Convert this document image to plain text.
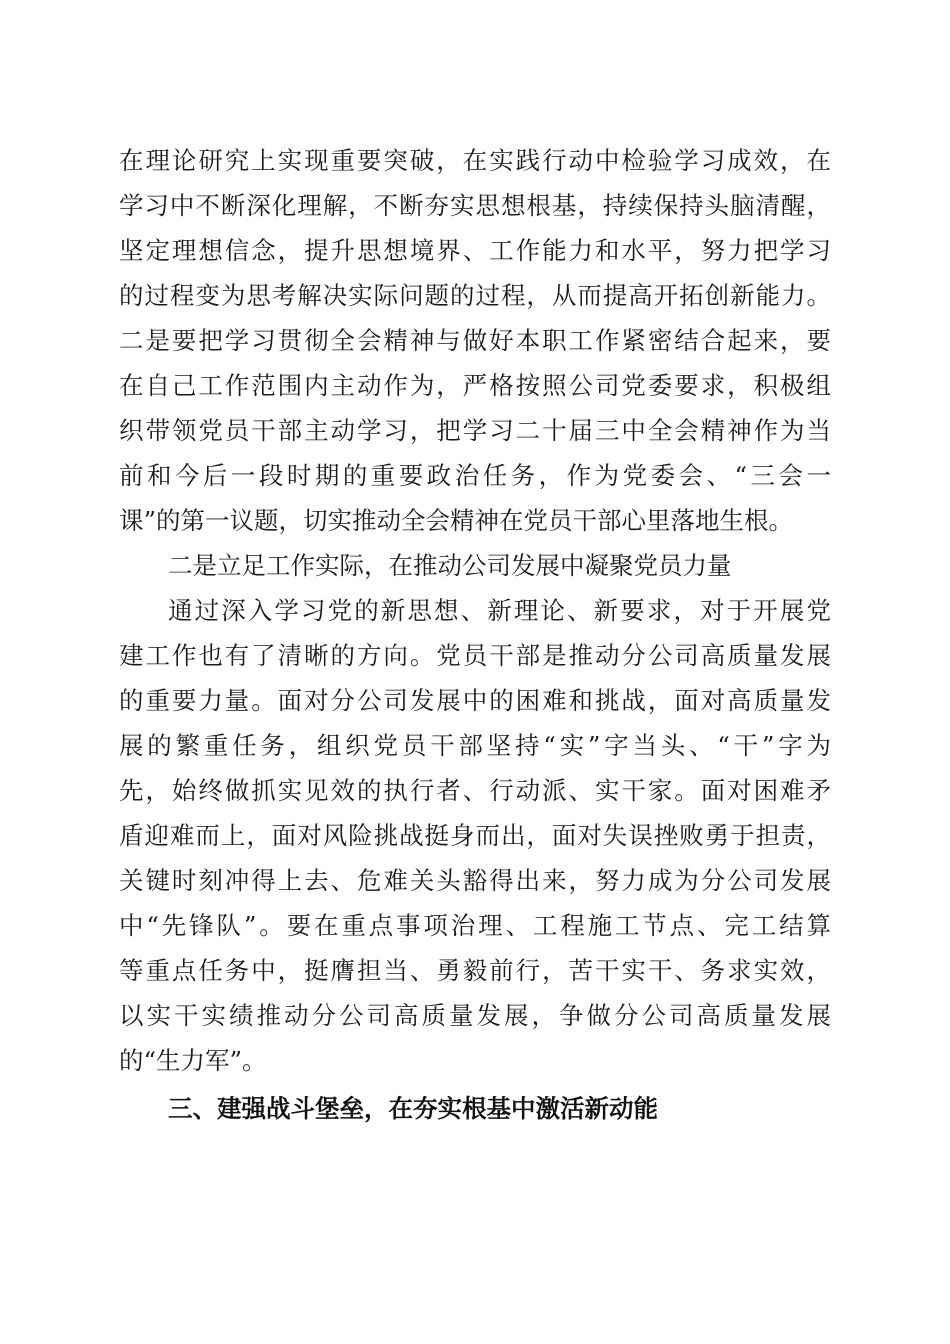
在理论研究上实现重要突破，在实践行动中检验学习成效，在
学习中不断深化理解，不断夯实思想根基，持续保持头脑清醒，
坚定理想信念，提升思想境界、工作能力和水平，努力把学习
的过程变为思考解决实际问题的过程，从而提高开拓创新能力。
二是要把学习贯彻全会精神与做好本职工作紧密结合起来，要
在自己工作范围内主动作为，严格按照公司党委要求，积极组
织带领党员干部主动学习，把学习二十届三中全会精神作为当
前和今后一段时期的重要政治任务，作为党委会、“三会一
课”的第一议题，切实推动全会精神在党员干部心里落地生根。
二是立足工作实际，在推动公司发展中凝聚党员力量
通过深入学习党的新思想、新理论、新要求，对于开展党
建工作也有了清晰的方向。党员干部是推动分公司高质量发展
的重要力量。面对分公司发展中的困难和挑战，面对高质量发
展的繁重任务，组织党员干部坚持“实”字当头、“干”字为
先，始终做抓实见效的执行者、行动派、实干家。面对困难矛
盾迎难而上，面对风险挑战挺身而出，面对失误挫败勇于担责，
关键时刻冲得上去、危难关头豁得出来，努力成为分公司发展
中“先锋队”。要在重点事项治理、工程施工节点、完工结算
等重点任务中，挺膺担当、勇毅前行，苦干实干、务求实效，
以实干实绩推动分公司高质量发展，争做分公司高质量发展
的“生力军”。
三、建强战斗堡垒，在夯实根基中激活新动能
